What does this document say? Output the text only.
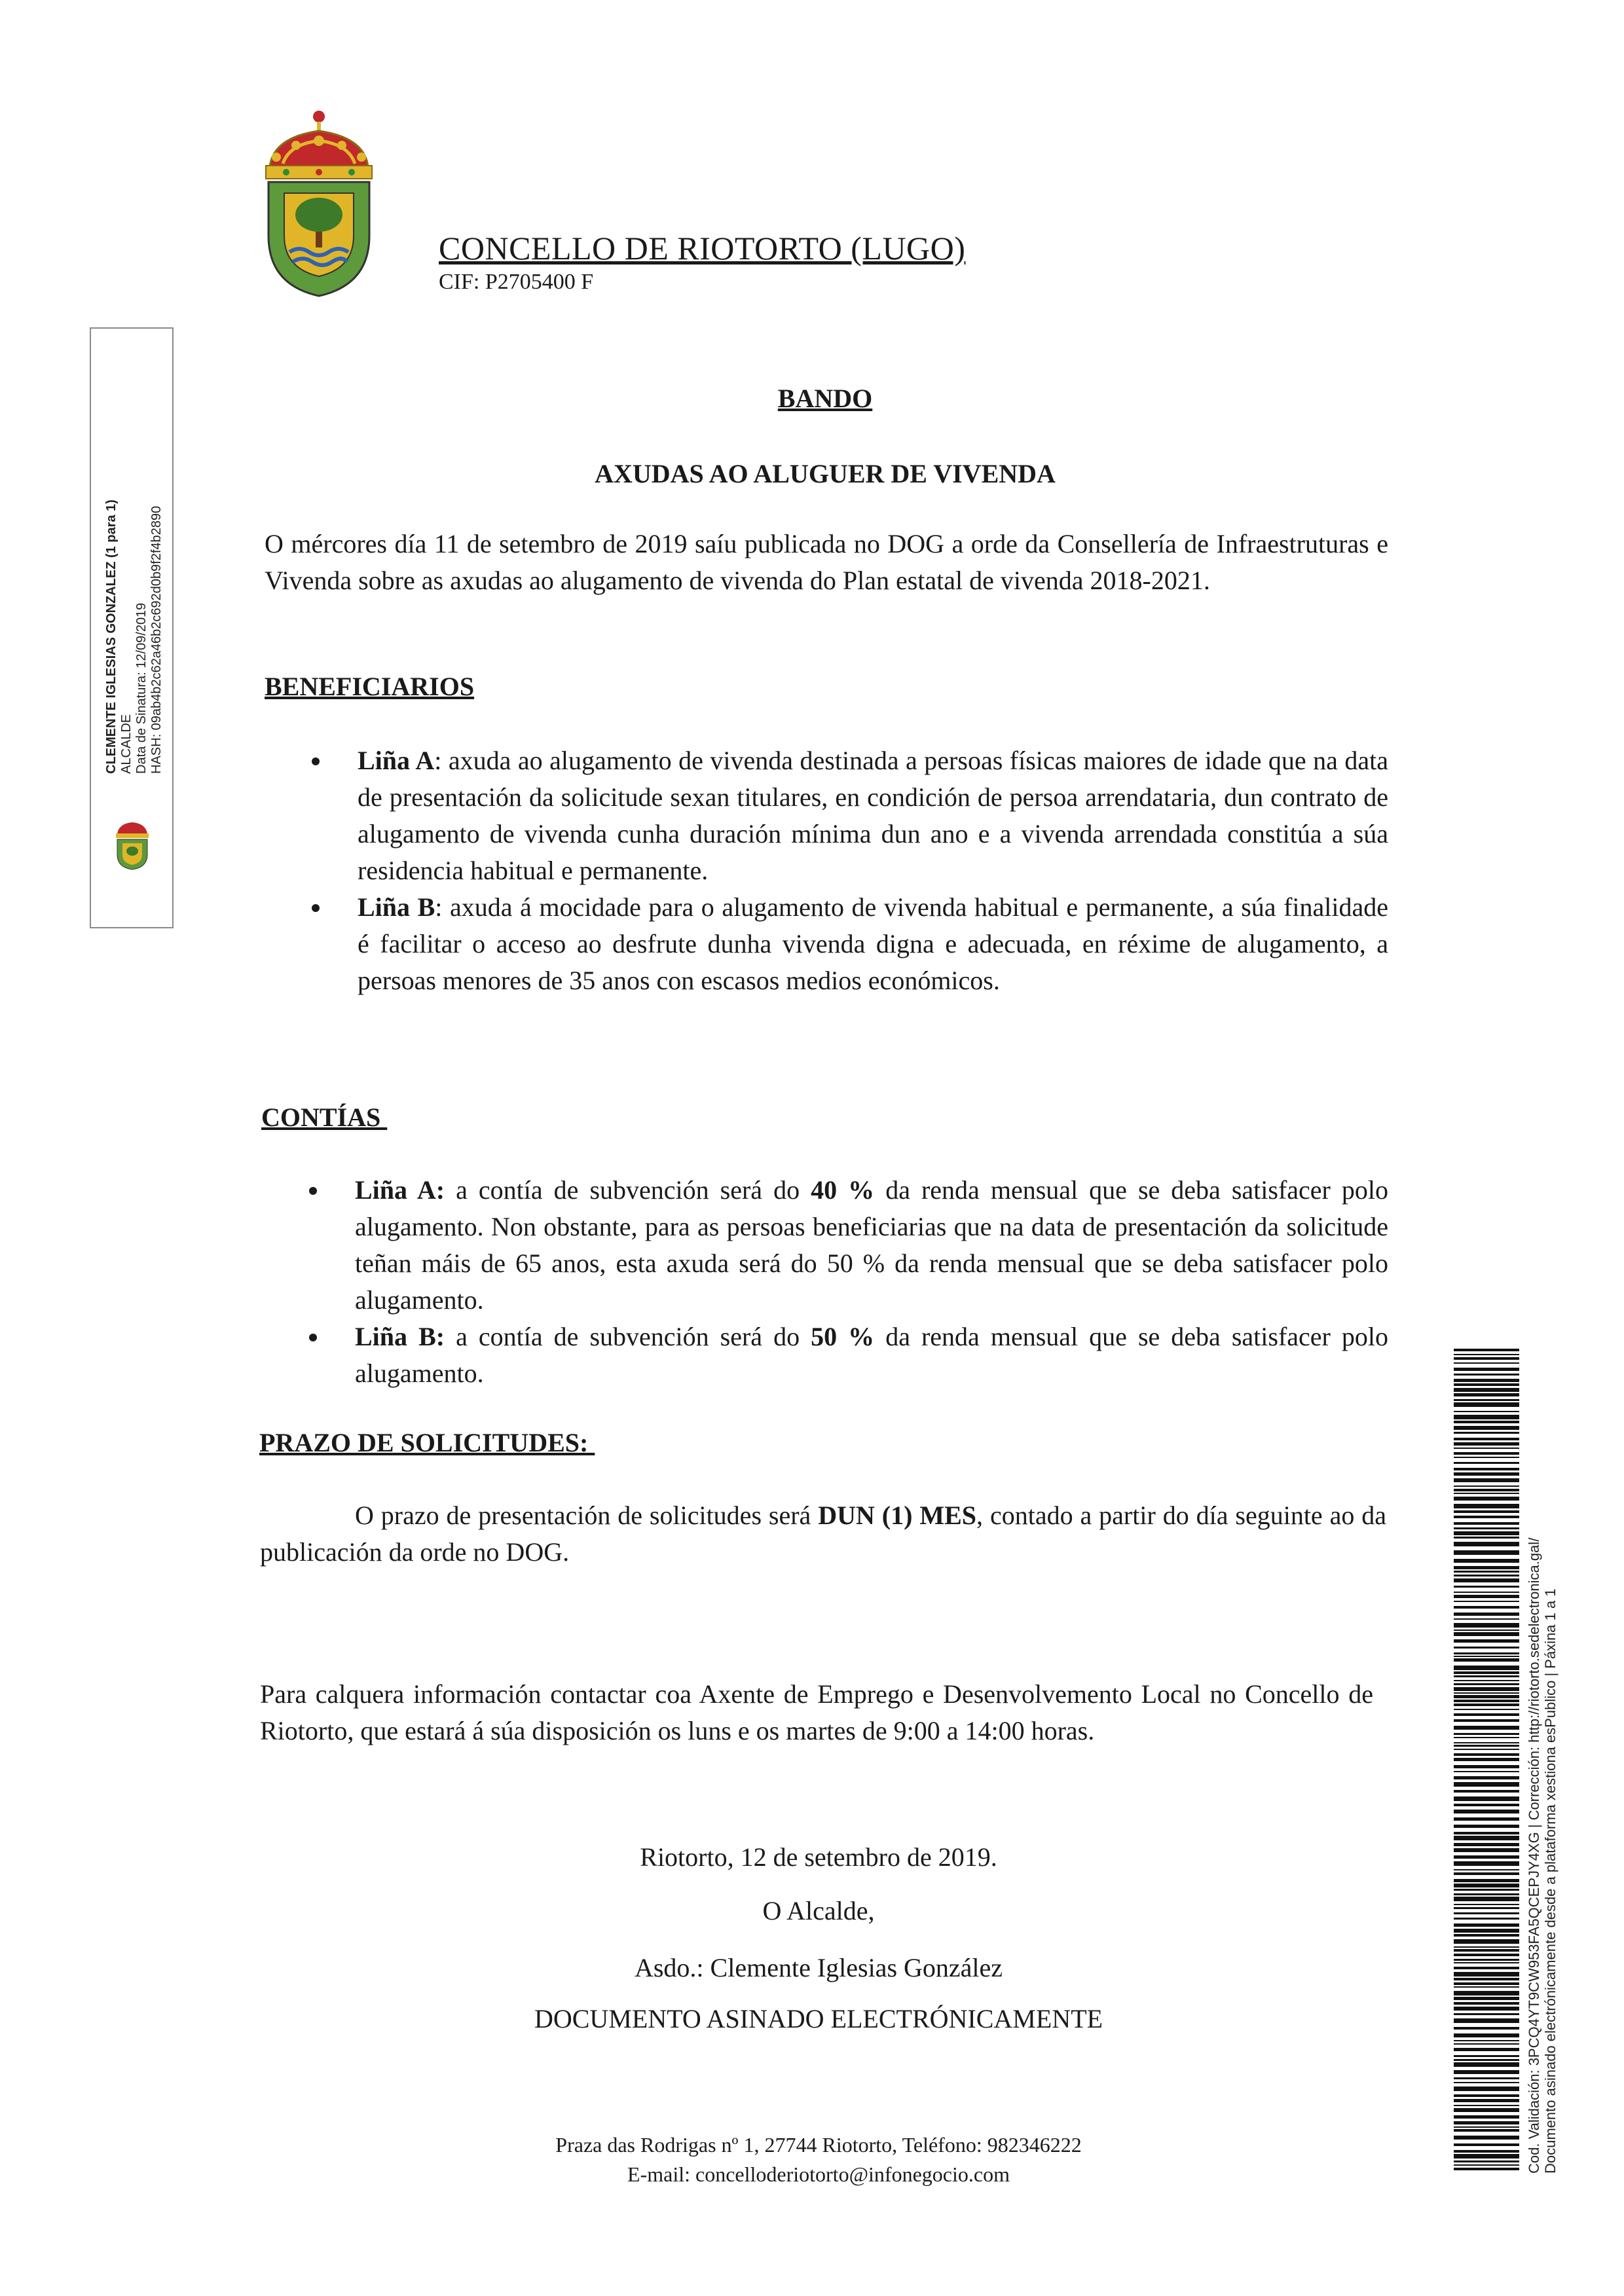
CONCELLO DE RIOTORTO (LUGO)
CIF: P2705400 F
CLEMENTE IGLESIAS GONZALEZ (1 para 1) ALCALDE Data de Sinatura: 12/09/2019 HASH: 09ab4b2c62a46b2c692d0b9f2f4b2890
BANDO
AXUDAS AO ALUGUER DE VIVENDA
O mércores día 11 de setembro de 2019 saíu publicada no DOG a orde da Consellería de Infraestruturas e Vivenda sobre as axudas ao alugamento de vivenda do Plan estatal de vivenda 2018-2021.
BENEFICIARIOS
Liña A: axuda ao alugamento de vivenda destinada a persoas físicas maiores de idade que na data de presentación da solicitude sexan titulares, en condición de persoa arrendataria, dun contrato de alugamento de vivenda cunha duración mínima dun ano e a vivenda arrendada constitúa a súa residencia habitual e permanente.
Liña B: axuda á mocidade para o alugamento de vivenda habitual e permanente, a súa finalidade é facilitar o acceso ao desfrute dunha vivenda digna e adecuada, en réxime de alugamento, a persoas menores de 35 anos con escasos medios económicos.
CONTÍAS
Liña A: a contía de subvención será do 40 % da renda mensual que se deba satisfacer polo alugamento. Non obstante, para as persoas beneficiarias que na data de presentación da solicitude teñan máis de 65 anos, esta axuda será do 50 % da renda mensual que se deba satisfacer polo alugamento.
Liña B: a contía de subvención será do 50 % da renda mensual que se deba satisfacer polo alugamento.
PRAZO DE SOLICITUDES:
O prazo de presentación de solicitudes será DUN (1) MES, contado a partir do día seguinte ao da publicación da orde no DOG.
Para calquera información contactar coa Axente de Emprego e Desenvolvemento Local no Concello de Riotorto, que estará á súa disposición os luns e os martes de 9:00 a 14:00 horas.
Riotorto, 12 de setembro de 2019.
O Alcalde,
Asdo.: Clemente Iglesias González
DOCUMENTO ASINADO ELECTRÓNICAMENTE
Praza das Rodrigas nº 1, 27744 Riotorto, Teléfono: 982346222
E-mail: concelloderiotorto@infonegocio.com
Cod. Validación: 3PCQ4YT9CW953FA5QCEPJY4XG | Corrección: http://riotorto.sedelectronica.gal/ Documento asinado electrónicamente desde a plataforma xestiona esPublico | Páxina 1 a 1
